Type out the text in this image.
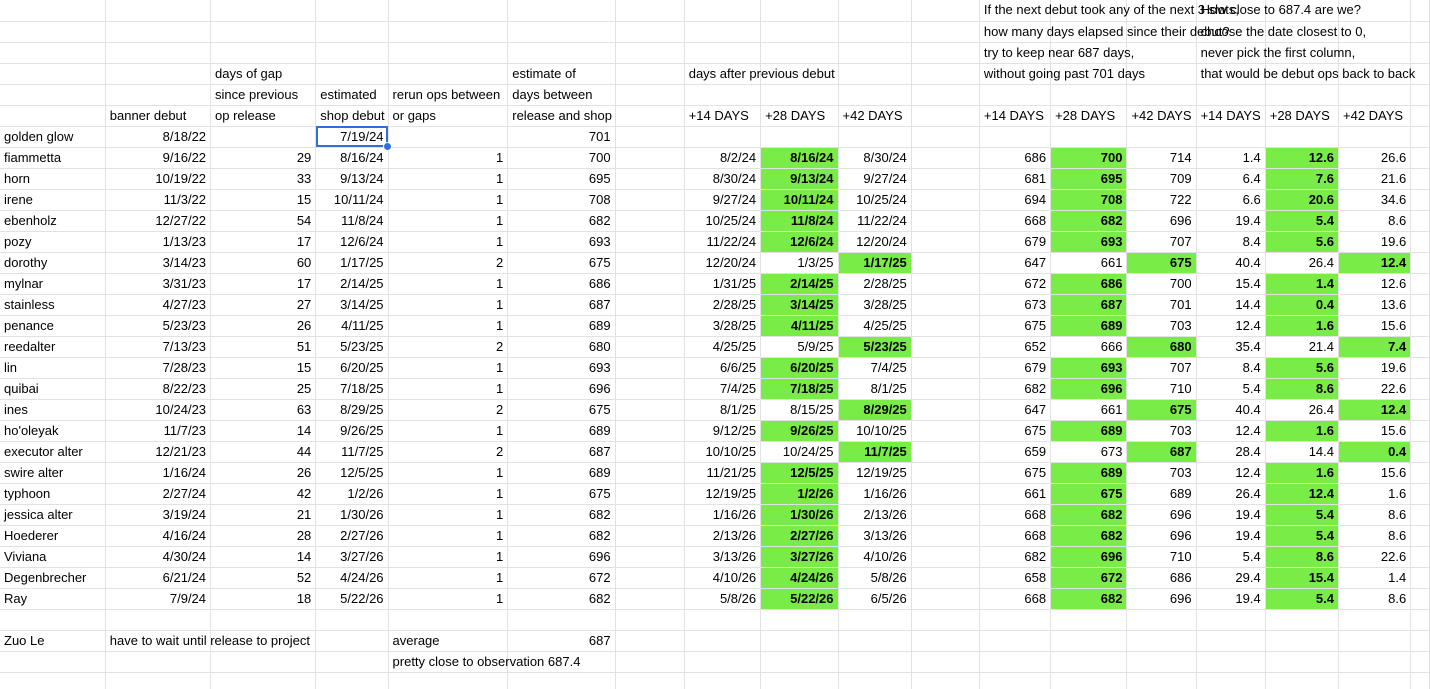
											If the next debut took any of the next 3 slots,			How close to 687.4 are we?			
											how many days elapsed since their debut?			choose the date closest to 0,			
											try to keep near 687 days,			never pick the first column,			
		days of gap			estimate of		days after previous debut				without going past 701 days			that would be debut ops back to back			
		since previous	estimated	rerun ops between	days between												
	banner debut	op release	shop debut	or gaps	release and shop		+14 DAYS	+28 DAYS	+42 DAYS		+14 DAYS	+28 DAYS	+42 DAYS	+14 DAYS	+28 DAYS	+42 DAYS	
golden glow	8/18/22		7/19/24		701												
fiammetta	9/16/22	29	8/16/24	1	700		8/2/24	8/16/24	8/30/24		686	700	714	1.4	12.6	26.6	
horn	10/19/22	33	9/13/24	1	695		8/30/24	9/13/24	9/27/24		681	695	709	6.4	7.6	21.6	
irene	11/3/22	15	10/11/24	1	708		9/27/24	10/11/24	10/25/24		694	708	722	6.6	20.6	34.6	
ebenholz	12/27/22	54	11/8/24	1	682		10/25/24	11/8/24	11/22/24		668	682	696	19.4	5.4	8.6	
pozy	1/13/23	17	12/6/24	1	693		11/22/24	12/6/24	12/20/24		679	693	707	8.4	5.6	19.6	
dorothy	3/14/23	60	1/17/25	2	675		12/20/24	1/3/25	1/17/25		647	661	675	40.4	26.4	12.4	
mylnar	3/31/23	17	2/14/25	1	686		1/31/25	2/14/25	2/28/25		672	686	700	15.4	1.4	12.6	
stainless	4/27/23	27	3/14/25	1	687		2/28/25	3/14/25	3/28/25		673	687	701	14.4	0.4	13.6	
penance	5/23/23	26	4/11/25	1	689		3/28/25	4/11/25	4/25/25		675	689	703	12.4	1.6	15.6	
reedalter	7/13/23	51	5/23/25	2	680		4/25/25	5/9/25	5/23/25		652	666	680	35.4	21.4	7.4	
lin	7/28/23	15	6/20/25	1	693		6/6/25	6/20/25	7/4/25		679	693	707	8.4	5.6	19.6	
quibai	8/22/23	25	7/18/25	1	696		7/4/25	7/18/25	8/1/25		682	696	710	5.4	8.6	22.6	
ines	10/24/23	63	8/29/25	2	675		8/1/25	8/15/25	8/29/25		647	661	675	40.4	26.4	12.4	
ho'oleyak	11/7/23	14	9/26/25	1	689		9/12/25	9/26/25	10/10/25		675	689	703	12.4	1.6	15.6	
executor alter	12/21/23	44	11/7/25	2	687		10/10/25	10/24/25	11/7/25		659	673	687	28.4	14.4	0.4	
swire alter	1/16/24	26	12/5/25	1	689		11/21/25	12/5/25	12/19/25		675	689	703	12.4	1.6	15.6	
typhoon	2/27/24	42	1/2/26	1	675		12/19/25	1/2/26	1/16/26		661	675	689	26.4	12.4	1.6	
jessica alter	3/19/24	21	1/30/26	1	682		1/16/26	1/30/26	2/13/26		668	682	696	19.4	5.4	8.6	
Hoederer	4/16/24	28	2/27/26	1	682		2/13/26	2/27/26	3/13/26		668	682	696	19.4	5.4	8.6	
Viviana	4/30/24	14	3/27/26	1	696		3/13/26	3/27/26	4/10/26		682	696	710	5.4	8.6	22.6	
Degenbrecher	6/21/24	52	4/24/26	1	672		4/10/26	4/24/26	5/8/26		658	672	686	29.4	15.4	1.4	
Ray	7/9/24	18	5/22/26	1	682		5/8/26	5/22/26	6/5/26		668	682	696	19.4	5.4	8.6	

Zuo Le	have to wait until release to project			average	687												
				pretty close to observation 687.4													
